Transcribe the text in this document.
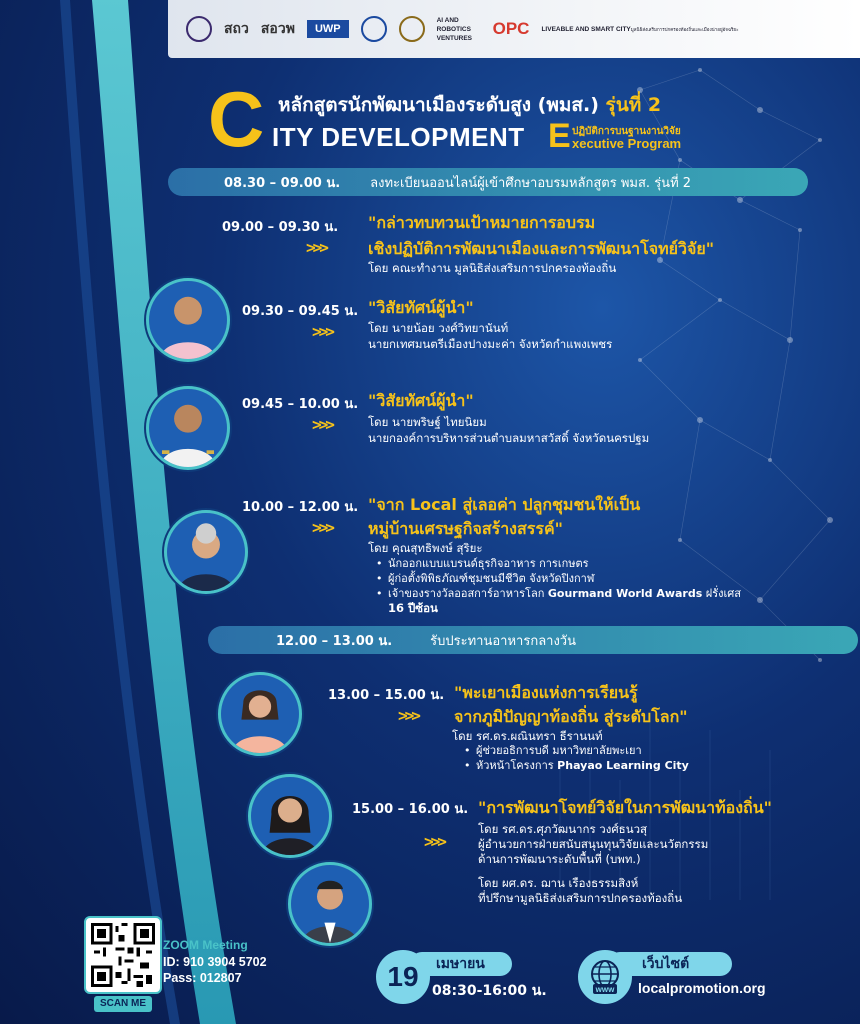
สถว สอวพ	UWP
AI AND ROBOTICS VENTURES	OPC LIVEABLE AND SMART CITY มูลนิธิส่งเสริมการปกครองท้องถิ่นและเมืองน่าอยู่อัจฉริยะ
C หลักสูตรนักพัฒนาเมืองระดับสูง (พมส.) รุ่นที่ 2
ITY DEVELOPMENT E ปฏิบัติการบนฐานงานวิจัย
xecutive Program
08.30 – 09.00 น. ลงทะเบียนออนไลน์ผู้เข้าศึกษาอบรมหลักสูตร พมส. รุ่นที่ 2
09.00 – 09.30 น.
>>>
"กล่าวทบทวนเป้าหมายการอบรม
เชิงปฏิบัติการพัฒนาเมืองและการพัฒนาโจทย์วิจัย"
โดย คณะทำงาน มูลนิธิส่งเสริมการปกครองท้องถิ่น
09.30 – 09.45 น.
>>>
"วิสัยทัศน์ผู้นำ"
โดย นายน้อย วงศ์วิทยานันท์
นายกเทศมนตรีเมืองปางมะค่า จังหวัดกำแพงเพชร
09.45 – 10.00 น.
>>>
"วิสัยทัศน์ผู้นำ"
โดย นายพริษฐ์ ไทยนิยม
นายกองค์การบริหารส่วนตำบลมหาสวัสดิ์ จังหวัดนครปฐม
10.00 – 12.00 น.
>>>
"จาก Local สู่เลอค่า ปลูกชุมชนให้เป็น
หมู่บ้านเศรษฐกิจสร้างสรรค์"
โดย คุณสุทธิพงษ์ สุริยะ
• นักออกแบบแบรนด์ธุรกิจอาหาร การเกษตร
• ผู้ก่อตั้งพิพิธภัณฑ์ชุมชนมีชีวิต จังหวัดปิงกาฬ
• เจ้าของรางวัลออสการ์อาหารโลก Gourmand World Awards ฝรั่งเศส
16 ปีซ้อน
12.00 – 13.00 น.	รับประทานอาหารกลางวัน
13.00 – 15.00 น.
>>>
"พะเยาเมืองแห่งการเรียนรู้
จากภูมิปัญญาท้องถิ่น สู่ระดับโลก"
โดย รศ.ดร.ผณินทรา ธีรานนท์
• ผู้ช่วยอธิการบดี มหาวิทยาลัยพะเยา
• หัวหน้าโครงการ Phayao Learning City
15.00 – 16.00 น.
>>>
"การพัฒนาโจทย์วิจัยในการพัฒนาท้องถิ่น"
โดย รศ.ดร.ศุภวัฒนากร วงศ์ธนวสุ
ผู้อำนวยการฝ่ายสนับสนุนทุนวิจัยและนวัตกรรม
ด้านการพัฒนาระดับพื้นที่ (บพท.)
โดย ผศ.ดร. ฌาน เรืองธรรมสิงห์
ที่ปรึกษามูลนิธิส่งเสริมการปกครองท้องถิ่น
SCAN ME
ZOOM Meeting
ID: 910 3904 5702
Pass: 012807
เมษายน
19 08:30-16:00 น.
เว็บไซต์
www localpromotion.org
